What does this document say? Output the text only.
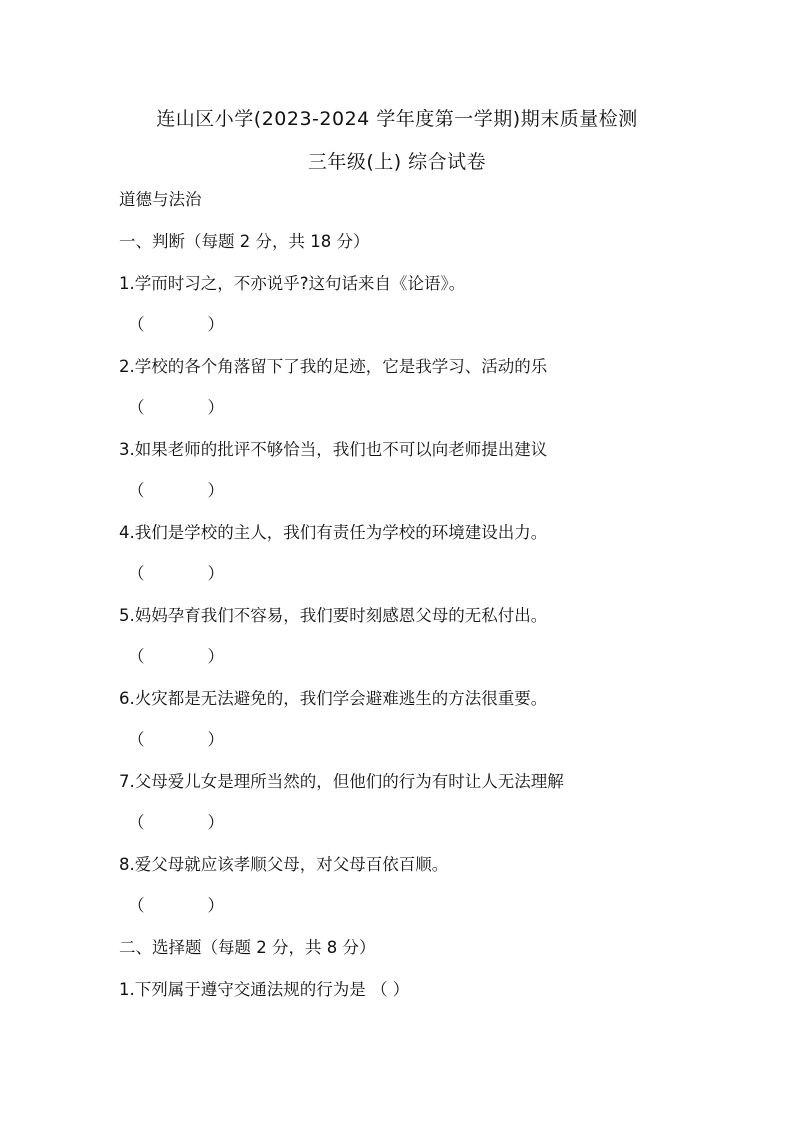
连山区小学(2023-2024 学年度第一学期)期末质量检测
三年级(上) 综合试卷
道德与法治
一、判断（每题 2 分，共 18 分）
1.学而时习之，不亦说乎?这句话来自《论语》。
（            ）
2.学校的各个角落留下了我的足迹，它是我学习、活动的乐
（            ）
3.如果老师的批评不够恰当，我们也不可以向老师提出建议
（            ）
4.我们是学校的主人，我们有责任为学校的环境建设出力。
（            ）
5.妈妈孕育我们不容易，我们要时刻感恩父母的无私付出。
（            ）
6.火灾都是无法避免的，我们学会避难逃生的方法很重要。
（            ）
7.父母爱儿女是理所当然的，但他们的行为有时让人无法理解
（            ）
8.爱父母就应该孝顺父母，对父母百依百顺。
（            ）
二、选择题（每题 2 分，共 8 分）
1.下列属于遵守交通法规的行为是 （ ）
